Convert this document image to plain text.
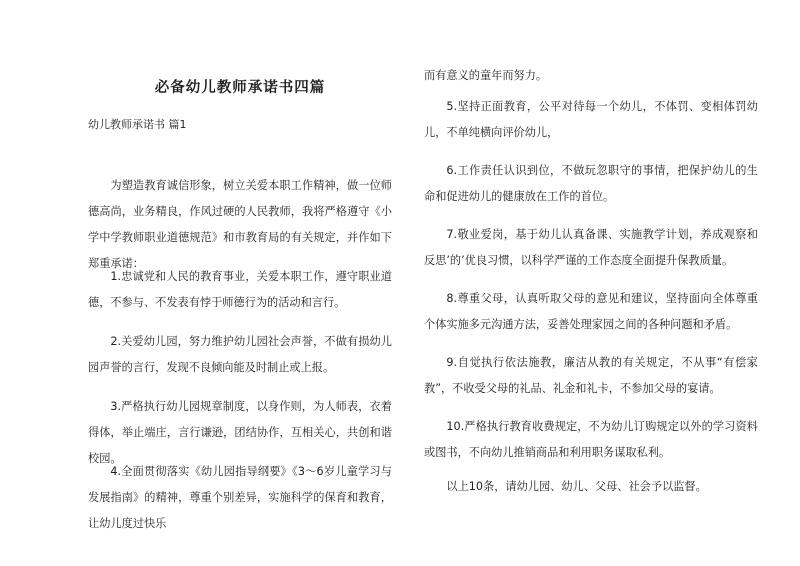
必备幼儿教师承诺书四篇
幼儿教师承诺书 篇1

为塑造教育诚信形象，树立关爱本职工作精神，做一位师德高尚，业务精良，作风过硬的人民教师，我将严格遵守《小学中学教师职业道德规范》和市教育局的有关规定，并作如下郑重承诺：

1.忠诚党和人民的教育事业，关爱本职工作，遵守职业道德，不参与、不发表有悖于师德行为的活动和言行。

2.关爱幼儿园，努力维护幼儿园社会声誉，不做有损幼儿园声誉的言行，发现不良倾向能及时制止或上报。

3.严格执行幼儿园规章制度，以身作则，为人师表，衣着得体，举止端庄，言行谦逊，团结协作，互相关心，共创和谐校园。

4.全面贯彻落实《幼儿园指导纲要》《3～6岁儿童学习与发展指南》的精神，尊重个别差异，实施科学的保育和教育，让幼儿度过快乐

而有意义的童年而努力。

5.坚持正面教育，公平对待每一个幼儿，不体罚、变相体罚幼儿，不单纯横向评价幼儿，

6.工作责任认识到位，不做玩忽职守的事情，把保护幼儿的生命和促进幼儿的健康放在工作的首位。

7.敬业爱岗，基于幼儿认真备课、实施教学计划，养成观察和反思’的’优良习惯，以科学严谨的工作态度全面提升保教质量。

8.尊重父母，认真听取父母的意见和建议，坚持面向全体尊重个体实施多元沟通方法，妥善处理家园之间的各种问题和矛盾。

9.自觉执行依法施教，廉洁从教的有关规定，不从事“有偿家教”，不收受父母的礼品、礼金和礼卡，不参加父母的宴请。

10.严格执行教育收费规定，不为幼儿订购规定以外的学习资料或图书，不向幼儿推销商品和利用职务谋取私利。

以上10条，请幼儿园、幼儿、父母、社会予以监督。
